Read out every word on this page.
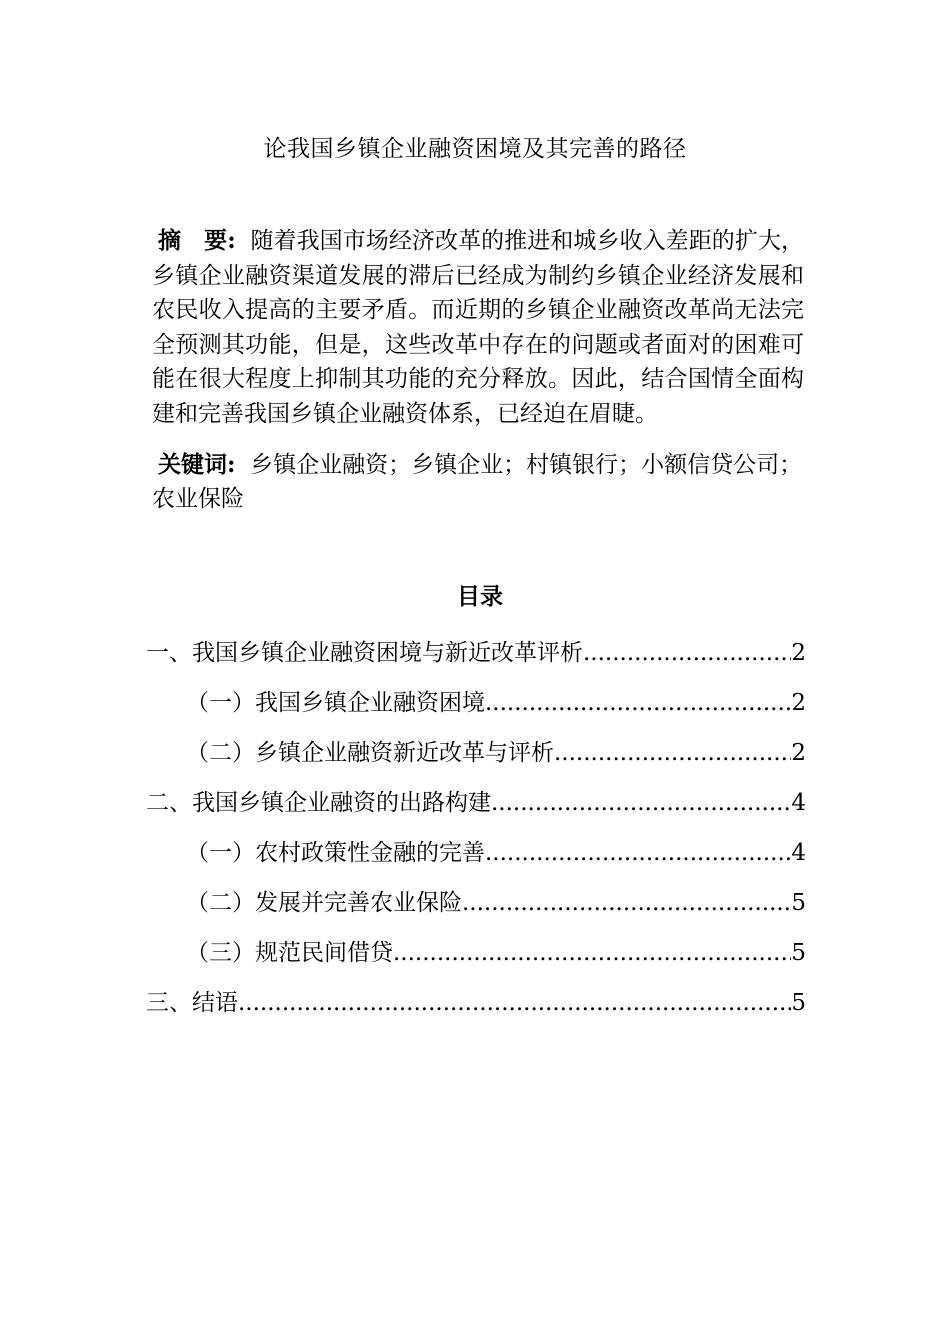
论我国乡镇企业融资困境及其完善的路径
摘　要: 随着我国市场经济改革的推进和城乡收入差距的扩大，乡镇企业融资渠道发展的滞后已经成为制约乡镇企业经济发展和农民收入提高的主要矛盾。而近期的乡镇企业融资改革尚无法完全预测其功能，但是，这些改革中存在的问题或者面对的困难可能在很大程度上抑制其功能的充分释放。因此，结合国情全面构建和完善我国乡镇企业融资体系，已经迫在眉睫。
关键词: 乡镇企业融资；乡镇企业；村镇银行；小额信贷公司；农业保险
目录
一、我国乡镇企业融资困境与新近改革评析 .....	2
（一）我国乡镇企业融资困境 .....	2
（二）乡镇企业融资新近改革与评析 .....	2
二、我国乡镇企业融资的出路构建 .....	4
（一）农村政策性金融的完善 .....	4
（二）发展并完善农业保险 .....	5
（三）规范民间借贷 .....	5
三、结语 .....	5
